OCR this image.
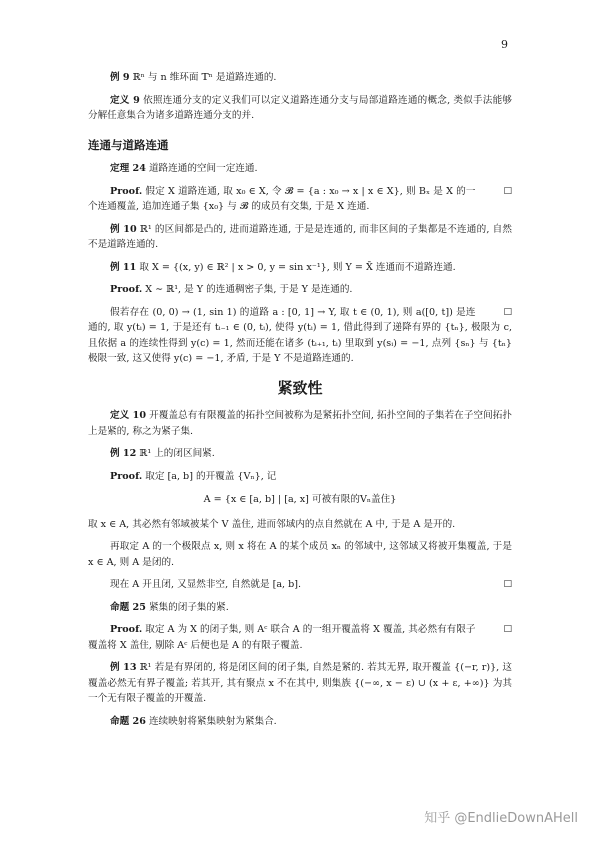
9

例 9 ℝⁿ 与 n 维环面 𝕋ⁿ 是道路连通的.

定义 9 依照连通分支的定义我们可以定义道路连通分支与局部道路连通的概念, 类似手法能够分解任意集合为诸多道路连通分支的并.

连通与道路连通

定理 24 道路连通的空间一定连通.

□
Proof. 假定 X 道路连通, 取 x₀ ∈ X, 令 𝓑 = {a : x₀ → x | x ∈ X}, 则 Bₓ 是 X 的一个连通覆盖, 追加连通子集 {x₀} 与 𝓑 的成员有交集, 于是 X 连通.

例 10 ℝ¹ 的区间都是凸的, 进而道路连通, 于是是连通的, 而非区间的子集都是不连通的, 自然不是道路连通的.

例 11 取 X = {(x, y) ∈ ℝ² | x > 0, y = sin x⁻¹}, 则 Y = X̄ 连通而不道路连通.

Proof. X ∼ ℝ¹, 是 Y 的连通稠密子集, 于是 Y 是连通的.

□
假若存在 (0, 0) → (1, sin 1) 的道路 a : [0, 1] → Y, 取 t ∈ (0, 1), 则 a([0, t]) 是连通的, 取 y(tᵢ) = 1, 于是还有 tᵢ₋₁ ∈ (0, tᵢ), 使得 y(tᵢ) = 1, 借此得到了递降有界的 {tₙ}, 极限为 c, 且依据 a 的连续性得到 y(c) = 1, 然而还能在诸多 (tᵢ₊₁, tᵢ) 里取到 y(sᵢ) = −1, 点列 {sₙ} 与 {tₙ} 极限一致, 这又使得 y(c) = −1, 矛盾, 于是 Y 不是道路连通的.

紧致性

定义 10 开覆盖总有有限覆盖的拓扑空间被称为是紧拓扑空间, 拓扑空间的子集若在子空间拓扑上是紧的, 称之为紧子集.

例 12 ℝ¹ 上的闭区间紧.

Proof. 取定 [a, b] 的开覆盖 {Vₙ}, 记

A = {x ∈ [a, b] | [a, x] 可被有限的Vₙ盖住}

取 x ∈ A, 其必然有邻域被某个 V 盖住, 进而邻域内的点自然就在 A 中, 于是 A 是开的.

再取定 A 的一个极限点 x, 则 x 将在 A 的某个成员 xₙ 的邻域中, 这邻域又将被开集覆盖, 于是 x ∈ A, 则 A 是闭的.

□
现在 A 开且闭, 又显然非空, 自然就是 [a, b].

命题 25 紧集的闭子集的紧.

□
Proof. 取定 A 为 X 的闭子集, 则 Aᶜ 联合 A 的一组开覆盖将 X 覆盖, 其必然有有限子覆盖将 X 盖住, 剔除 Aᶜ 后便也是 A 的有限子覆盖.

例 13 ℝ¹ 若是有界闭的, 将是闭区间的闭子集, 自然是紧的. 若其无界, 取开覆盖 {(−r, r)}, 这覆盖必然无有界子覆盖; 若其开, 其有聚点 x 不在其中, 则集族 {(−∞, x − ε) ∪ (x + ε, +∞)} 为其一个无有限子覆盖的开覆盖.

命题 26 连续映射将紧集映射为紧集合.

知乎 @EndlieDownAHell
